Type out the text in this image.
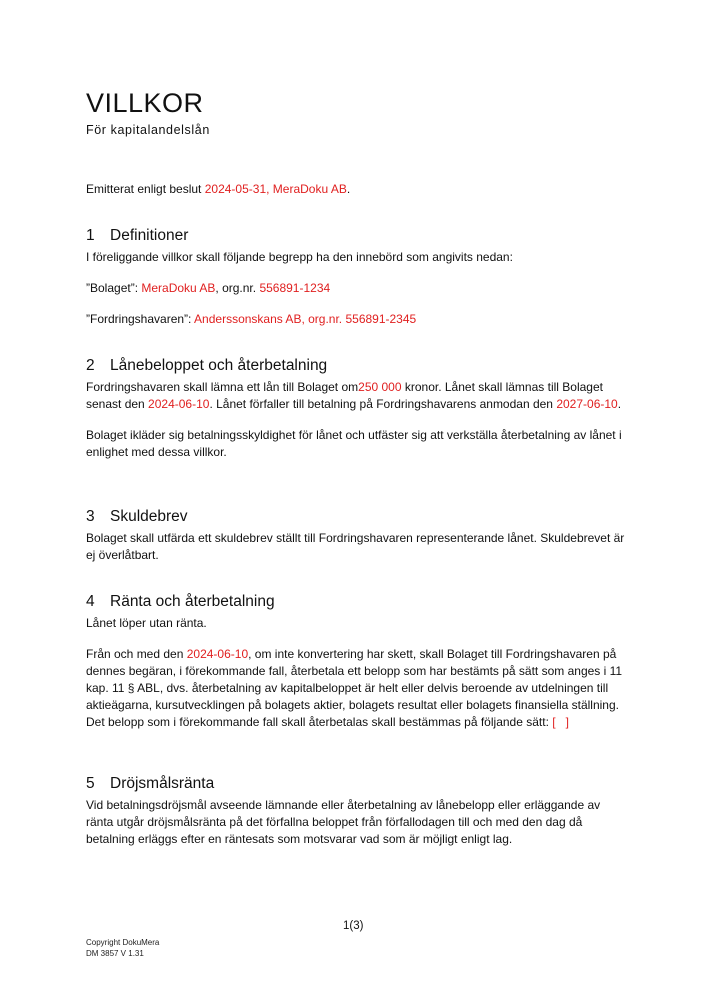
VILLKOR
För kapitalandelslån
Emitterat enligt beslut 2024-05-31, MeraDoku AB.
1 Definitioner

I föreliggande villkor skall följande begrepp ha den innebörd som angivits nedan:

”Bolaget”: MeraDoku AB, org.nr. 556891-1234

”Fordringshavaren”: Anderssonskans AB, org.nr. 556891-2345

2 Lånebeloppet och återbetalning

Fordringshavaren skall lämna ett lån till Bolaget om250 000 kronor. Lånet skall lämnas till Bolaget senast den 2024-06-10. Lånet förfaller till betalning på Fordringshavarens anmodan den 2027-06-10.

Bolaget ikläder sig betalningsskyldighet för lånet och utfäster sig att verkställa återbetalning av lånet i enlighet med dessa villkor.

3 Skuldebrev

Bolaget skall utfärda ett skuldebrev ställt till Fordringshavaren representerande lånet. Skuldebrevet är ej överlåtbart.

4 Ränta och återbetalning

Lånet löper utan ränta.

Från och med den 2024-06-10, om inte konvertering har skett, skall Bolaget till Fordringshavaren på dennes begäran, i förekommande fall, återbetala ett belopp som har bestämts på sätt som anges i 11 kap. 11 § ABL, dvs. återbetalning av kapitalbeloppet är helt eller delvis beroende av utdelningen till aktieägarna, kursutvecklingen på bolagets aktier, bolagets resultat eller bolagets finansiella ställning. Det belopp som i förekommande fall skall återbetalas skall bestämmas på följande sätt: [   ]

5 Dröjsmålsränta

Vid betalningsdröjsmål avseende lämnande eller återbetalning av lånebelopp eller erläggande av ränta utgår dröjsmålsränta på det förfallna beloppet från förfallodagen till och med den dag då betalning erläggs efter en räntesats som motsvarar vad som är möjligt enligt lag.

1(3)
Copyright DokuMera
DM 3857 V 1.31
